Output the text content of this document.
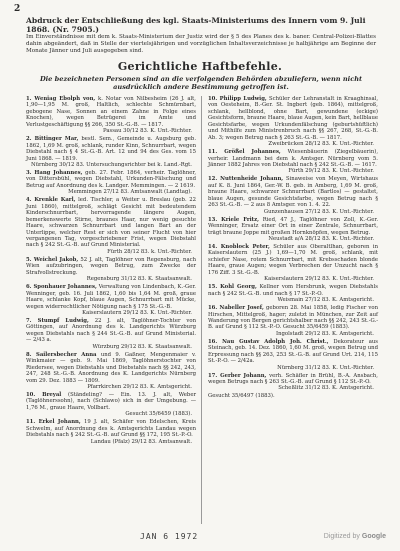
2
Abdruck der Entschließung des kgl. Staats-Ministeriums des Innern vom 9. Juli 1868. (Nr. 7905.)
Im Einverständnisse mit dem k. Staats-Ministerium der Justiz wird der § 5 des Planes des k. baner. Central-Polizei-Blattes dahin abgeändert, daß in Stelle der viertelsjährigen und vorzüglichen Inhaltsverzeichnisse je halbjährige am Beginne der Monate Jänner und Juli ausgegeben sind.
Gerichtliche Haftbefehle.
Die bezeichneten Personen sind an die verfolgenden Behörden abzuliefern, wenn nicht ausdrücklich andere Bestimmung getroffen ist.
1. Weniag Ebolph von, k. Notar von Nilbesheim (26 J. alt, 1,90—1,95 M. groß, Haltlich, schlechte Schmürnbart, gebogene Nase, Sonnen an einem Zahne in Folge eines Knochen), wegen Betrügerei im Amte und Verlustgeschäftigung §§ 266, 350 St.-G.-B. — 1817.
Passau 30/12 83. K. Unt.-Richter.
2. Bittinger Mar, bestl. Sem., Gemeinde u. Augsburg geb. 1862, 1,69 M. groß, schlank, runder Kinn, Schnurrbart, wegen Diebstahl nach § 4 St.-G.-B. Art. 12 und 94 des Ges. vom 15 Juni 1868. — 1819.
Nürnberg 30/12 83. Untersuchungsrichter bei k. Land.-Rgt.
3. Hang Johannes, geb. 27. Febr. 1864, verheir. Taglöhner, von Dittersbühl, wegen Diebstahl, Urkunden-Fälschung und Betrug auf Anordnung des k. Landger. Memmingen. — 2 1619.
Memmingen 27/12 83. Amtsanwalt (Landtag).
4. Krenkle Karl, led. Tischler, a Weiter u. Breslau (geb. 22 Juni 1860), mittelgroß, schlägt Gesicht mit bedeutendem Kinderschnurrbart, hervorragende längere Augen, bemerkenswerte Stirne, braunes Haar, nur wenig gesuchte Haare, schwarzen Schnurrbart und langen Bart an der Unterlippe, welcher Rest er sich von seiner Flucht von hier vergangenen Tag, vorgeschriebener Frist, wegen Diebstahl nach § 242 St.-G.-B. auf Grund Ministerial.
Fürth 28/12 83. k. Unt.-Richter.
5. Weichel Jakob, 52 J. alt, Taglöhner von Regensburg, nach Wien aufzubringen, wegen Betrug, zum Zwecke der Strafvollstreckung.
Regensburg 31/12 83. K. Staatsanwalt.
6. Sponhauer Johannes, Verwaltung von Lindenbach, K.-Ger. Wenninger, geb. 16. Juli 1862, 1,60 bis 1,64 M. groß, graue Haare, schlanke Kopf, blaue Augen, Schnurrbart mit Mücke, wegen widerrechtlicher Nötigung nach § 175 St.-G.-B.
Kaiserslautern 29/12 83. K. Unt.-Richter.
7. Stumpf Ludwig, 22 J. alt, Taglöhner-Tochter von Göttingen, auf Anordnung des k. Landgerichts Würzburg wegen Diebstahls nach § 244 St.-G.-B. auf Grund Ministerial. — 2/43 a.
Würzburg 29/12 83. K. Staatsanwalt.
8. Sailersbecher Anna und 9. Gaßner, Mengenmaier v. Winkmaier — geb. 9. Mai 1869, Taglöhnerstochter von Riedersee, wegen Diebstahls und Diebstahls nach §§ 242, 243, 247, 248 St.-G.-B. Anordnung des K. Landgerichts Nürnberg vom 29. Dez. 1883 — 1809.
Pfarrkirchen 29/12 83. K. Amtsgericht.
10. Breyal (Ständeling? — Ein. 13. J. alt, Weber (Taglöhnerssohn), nach (Schlawo) sich in der Umgebung. — 1,76 M., graue Haare, Vollbart.
Gesucht 35/6459 (1883).
11. Erkel Johann, 19 J. alt, Schäfer von Edelschen, Kreis Schwelm, auf Anordnung des k. Amtsgerichts Landau wegen Diebstahls nach § 242 St.-G.-B. auf Grund §§ 172, 195 St.-P.-O.
Landau (Pfalz) 29/12 83. Amtsanwalt.
10. Philipp Ludwig, Schüler der Lehranstalt in Kraaghinsal, von Oesteheim, B.-Ger. St. Ingbert (geb. 1864), mittelgroß, schlank, hellblond, ohne Bart, gewundene (eckige) Gesichtsform, braune Haare, blaue Augen, kein Bart, hellblaue Gesichtsfarbe, wegen Urkundenfälschung (geburtshüftlich) und Mithilfe zum Ministrenbruch nach §§ 267, 268, St.-G.-B. Ab. 3; wegen Betrug nach § 263 St.-G.-B. — 1817.
Zweibrücken 28/12 83. K. Unt.-Richter.
11. Größel Johannes, Wiesenbäuerin (Ziegelbäuerin), verheir. Landmann bei dem k. Amtsger. Nürnberg vom 5. Jänner 1882 Jahres von Diebstahl nach § 242 St.-G.-B. — 1617.
Fürth 29/12 83. K. Unt.-Richter.
12. Nuttenheide Johann, Sinaweise von Meyen, Wirtshaus auf K. 8. Juni 1864, Ger.-W. B. geb. in Amberg, 1,69 M. groß, braune Haare, schwarzer Schnurrbart (Bartlos) — gestaltet, blaue Augen, gesunde Gesichtsfarbe, wegen Betrug nach § 263 St.-G.-B. — 2 aus 8 Amtsger. von 1. 4. 22.
Gunzenhausen 27/12 83. K. Unt.-Richter.
13. Kriele Fritz, Ried, 47 J., Taglöhner von Zoll, K.-Ger. Wenninger, Ersatz einer Ort in einer Zentrale, Schnurrbart, trägt braune Joppe mit großen Hornknöpfen, wegen Betrug.
Neustadt a/A 28/12 83. K. Unt.-Richter.
14. Knoblock Peter, Schüler aus Oberaltlhan, geboren in Kaiserslautern (25 J.) 1,69—1,70 M. groß, schlank, mit schiefer Nase, rotem Schnurrbart, mit Krebsschaden blonde Haare, graue Augen; wegen Verbrechen der Unzucht nach § 176 Ziff. 3 St.-G.-B.
Kaiserslautern 29/12 83. K. Unt.-Richter.
15. Kohl Georg, Kellner vom Hersbrunk, wegen Diebstahls nach § 242 St.-G.-B. und nach § 17 St.-P.-O.
Weismain 27/12 83. K. Amtsgericht.
16. Nabeller Josef, geboren 28. Mai 1858, ledig Fischer von Hirschen, Mittelgroß, hager; zuletzt in München, zur Zeit auf Wanderung von Bergen gerichtshalber nach §§ 242, 243 St.-G.-B. auf Grund § 112 St.-P.-O. Gesucht 35/6459 (1883).
Ingolstadt 29/12 83. K. Amtsgericht.
16. Nau Gustav Adolph Joh. Christ., Dekorateur aus Steinach, geb. 14. Dez. 1860, 1,60 M. groß, wegen Betrug und Erpressung nach §§ 263, 253 St.-G.-B. auf Grund Urt. 214, 115 St.-P.-O. — 2/42a.
Nürnberg 31/12 83. K. Unt.-Richter.
17. Gerber Johann, verh. Schäfler in Brühl, B.-A. Ansbach, wegen Betrugs nach § 263 St.-G.-B. auf Grund § 112 St.-P.-O.
Scheßlitz 31/12 83. K. Amtsgericht.
Gesucht 35/6497 (1883).
JAN 6 1972	Digitized by Google
